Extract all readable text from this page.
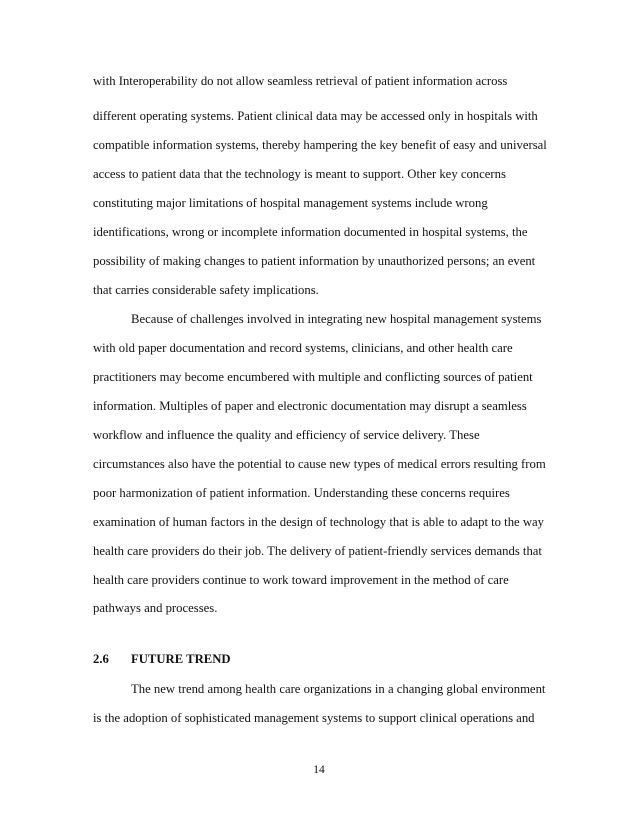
with Interoperability do not allow seamless retrieval of patient information across
different operating systems. Patient clinical data may be accessed only in hospitals with
compatible information systems, thereby hampering the key benefit of easy and universal
access to patient data that the technology is meant to support. Other key concerns
constituting major limitations of hospital management systems include wrong
identifications, wrong or incomplete information documented in hospital systems, the
possibility of making changes to patient information by unauthorized persons; an event
that carries considerable safety implications.
Because of challenges involved in integrating new hospital management systems
with old paper documentation and record systems, clinicians, and other health care
practitioners may become encumbered with multiple and conflicting sources of patient
information. Multiples of paper and electronic documentation may disrupt a seamless
workflow and influence the quality and efficiency of service delivery. These
circumstances also have the potential to cause new types of medical errors resulting from
poor harmonization of patient information. Understanding these concerns requires
examination of human factors in the design of technology that is able to adapt to the way
health care providers do their job. The delivery of patient-friendly services demands that
health care providers continue to work toward improvement in the method of care
pathways and processes.
2.6 FUTURE TREND
The new trend among health care organizations in a changing global environment
is the adoption of sophisticated management systems to support clinical operations and
14
